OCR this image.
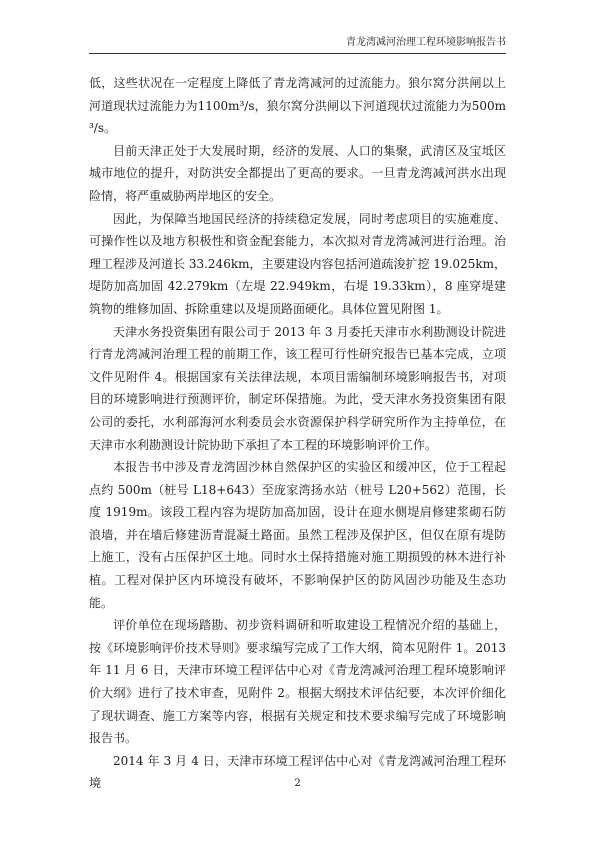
青龙湾减河治理工程环境影响报告书

低，这些状况在一定程度上降低了青龙湾减河的过流能力。狼尔窝分洪闸以上河道现状过流能力为1100m³/s，狼尔窝分洪闸以下河道现状过流能力为500m³/s。

目前天津正处于大发展时期，经济的发展、人口的集聚，武清区及宝坻区城市地位的提升，对防洪安全都提出了更高的要求。一旦青龙湾减河洪水出现险情，将严重威胁两岸地区的安全。

因此，为保障当地国民经济的持续稳定发展，同时考虑项目的实施难度、可操作性以及地方积极性和资金配套能力，本次拟对青龙湾减河进行治理。治理工程涉及河道长 33.246km，主要建设内容包括河道疏浚扩挖 19.025km，堤防加高加固 42.279km（左堤 22.949km，右堤 19.33km），8 座穿堤建筑物的维修加固、拆除重建以及堤顶路面硬化。具体位置见附图 1。

天津水务投资集团有限公司于 2013 年 3 月委托天津市水利勘测设计院进行青龙湾减河治理工程的前期工作，该工程可行性研究报告已基本完成，立项文件见附件 4。根据国家有关法律法规，本项目需编制环境影响报告书，对项目的环境影响进行预测评价，制定环保措施。为此，受天津水务投资集团有限公司的委托，水利部海河水利委员会水资源保护科学研究所作为主持单位，在天津市水利勘测设计院协助下承担了本工程的环境影响评价工作。

本报告书中涉及青龙湾固沙林自然保护区的实验区和缓冲区，位于工程起点约 500m（桩号 L18+643）至庞家湾扬水站（桩号 L20+562）范围，长度 1919m。该段工程内容为堤防加高加固，设计在迎水侧堤肩修建浆砌石防浪墙，并在墙后修建沥青混凝土路面。虽然工程涉及保护区，但仅在原有堤防上施工，没有占压保护区土地。同时水土保持措施对施工期损毁的林木进行补植。工程对保护区内环境没有破坏，不影响保护区的防风固沙功能及生态功能。

评价单位在现场踏勘、初步资料调研和听取建设工程情况介绍的基础上，按《环境影响评价技术导则》要求编写完成了工作大纲，简本见附件 1。2013 年 11 月 6 日，天津市环境工程评估中心对《青龙湾减河治理工程环境影响评价大纲》进行了技术审查，见附件 2。根据大纲技术评估纪要，本次评价细化了现状调查、施工方案等内容，根据有关规定和技术要求编写完成了环境影响报告书。

2014 年 3 月 4 日，天津市环境工程评估中心对《青龙湾减河治理工程环境	2
